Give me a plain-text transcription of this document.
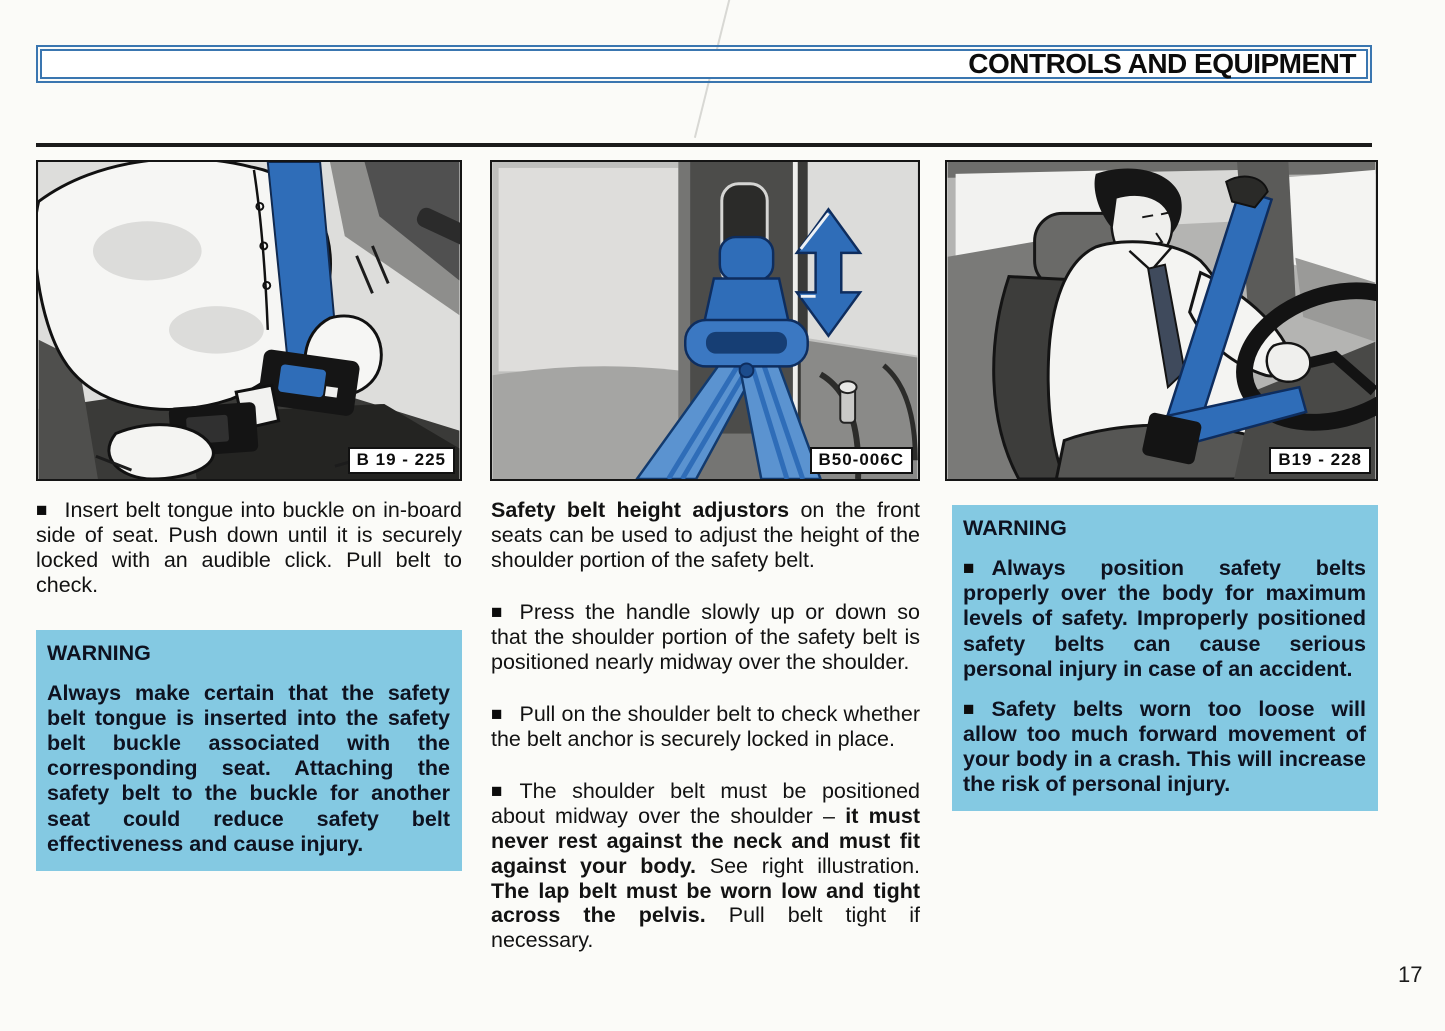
CONTROLS AND EQUIPMENT
B 19 - 225	B50-006C	B19 - 228

■ Insert belt tongue into buckle on in-board side of seat. Push down until it is securely locked with an audible click. Pull belt to check.

WARNING

Always make certain that the safety belt tongue is inserted into the safety belt buckle associated with the corresponding seat. Attaching the safety belt to the buckle for another seat could reduce safety belt effectiveness and cause injury.

Safety belt height adjustors on the front seats can be used to adjust the height of the shoulder portion of the safety belt.

■ Press the handle slowly up or down so that the shoulder portion of the safety belt is positioned nearly midway over the shoulder.

■ Pull on the shoulder belt to check whether the belt anchor is securely locked in place.

■ The shoulder belt must be positioned about midway over the shoulder – it must never rest against the neck and must fit against your body. See right illustration. The lap belt must be worn low and tight across the pelvis. Pull belt tight if necessary.

WARNING

■ Always position safety belts properly over the body for maximum levels of safety. Improperly positioned safety belts can cause serious personal injury in case of an accident.

■ Safety belts worn too loose will allow too much forward movement of your body in a crash. This will increase the risk of personal injury.

17
